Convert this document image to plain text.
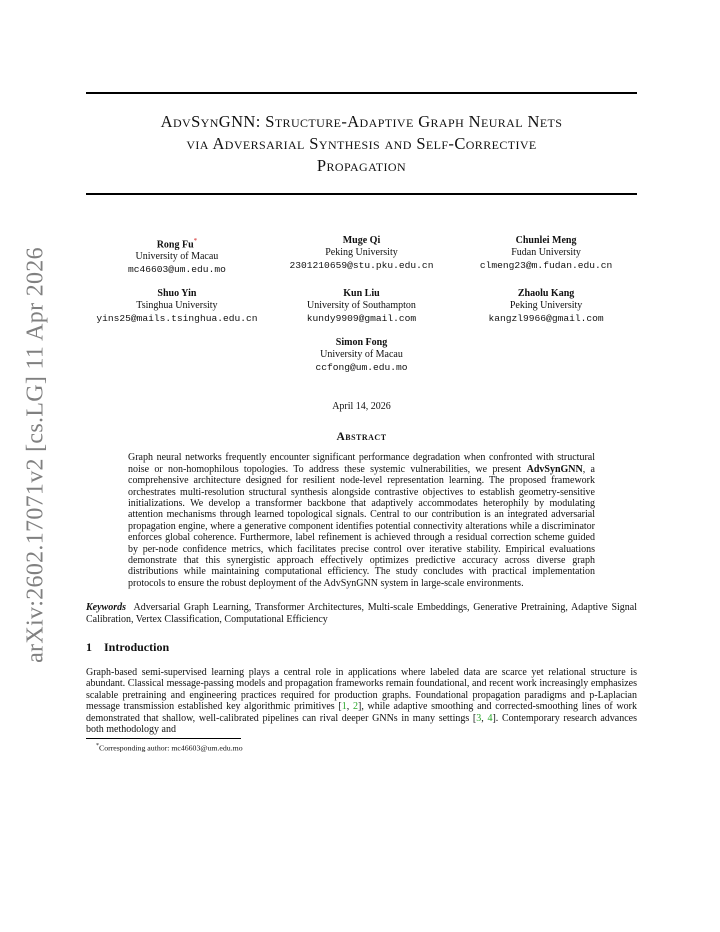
arXiv:2602.17071v2 [cs.LG] 11 Apr 2026
AdvSynGNN: Structure-Adaptive Graph Neural Nets
via Adversarial Synthesis and Self-Corrective
Propagation
Rong Fu*
University of Macau
mc46603@um.edu.mo
Muge Qi
Peking University
2301210659@stu.pku.edu.cn
Chunlei Meng
Fudan University
clmeng23@m.fudan.edu.cn
Shuo Yin
Tsinghua University
yins25@mails.tsinghua.edu.cn
Kun Liu
University of Southampton
kundy9909@gmail.com
Zhaolu Kang
Peking University
kangzl9966@gmail.com
Simon Fong
University of Macau
ccfong@um.edu.mo
April 14, 2026
Abstract
Graph neural networks frequently encounter significant performance degradation when confronted with structural noise or non-homophilous topologies. To address these systemic vulnerabilities, we present AdvSynGNN, a comprehensive architecture designed for resilient node-level representation learning. The proposed framework orchestrates multi-resolution structural synthesis alongside contrastive objectives to establish geometry-sensitive initializations. We develop a transformer backbone that adaptively accommodates heterophily by modulating attention mechanisms through learned topological signals. Central to our contribution is an integrated adversarial propagation engine, where a generative component identifies potential connectivity alterations while a discriminator enforces global coherence. Furthermore, label refinement is achieved through a residual correction scheme guided by per-node confidence metrics, which facilitates precise control over iterative stability. Empirical evaluations demonstrate that this synergistic approach effectively optimizes predictive accuracy across diverse graph distributions while maintaining computational efficiency. The study concludes with practical implementation protocols to ensure the robust deployment of the AdvSynGNN system in large-scale environments.
Keywords Adversarial Graph Learning, Transformer Architectures, Multi-scale Embeddings, Generative Pretraining, Adaptive Signal Calibration, Vertex Classification, Computational Efficiency
1 Introduction
Graph-based semi-supervised learning plays a central role in applications where labeled data are scarce yet relational structure is abundant. Classical message-passing models and propagation frameworks remain foundational, and recent work increasingly emphasizes scalable pretraining and engineering practices required for production graphs. Foundational propagation paradigms and p-Laplacian message transmission established key algorithmic primitives [1, 2], while adaptive smoothing and corrected-smoothing lines of work demonstrated that shallow, well-calibrated pipelines can rival deeper GNNs in many settings [3, 4]. Contemporary research advances both methodology and
*Corresponding author: mc46603@um.edu.mo
